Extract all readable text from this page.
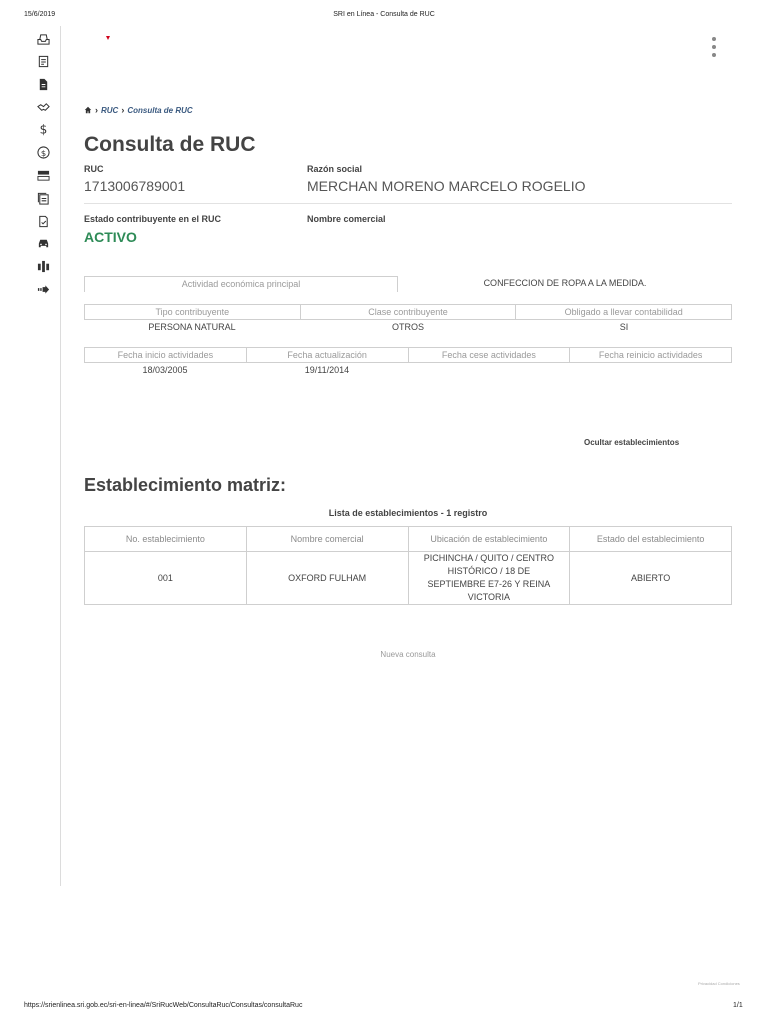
15/6/2019	SRI en Línea - Consulta de RUC
$
$
› RUC › Consulta de RUC
Consulta de RUC
RUC
1713006789001
Razón social
MERCHAN MORENO MARCELO ROGELIO
Estado contribuyente en el RUC
ACTIVO
Nombre comercial
Actividad económica principal	CONFECCION DE ROPA A LA MEDIDA.
Tipo contribuyente	Clase contribuyente	Obligado a llevar contabilidad
PERSONA NATURAL	OTROS	SI
Fecha inicio actividades	Fecha actualización	Fecha cese actividades	Fecha reinicio actividades
18/03/2005	19/11/2014
Ocultar establecimientos
Establecimiento matriz:
Lista de establecimientos - 1 registro
No. establecimiento	Nombre comercial	Ubicación de establecimiento	Estado del establecimiento
001	OXFORD FULHAM	PICHINCHA / QUITO / CENTRO HISTÓRICO / 18 DE SEPTIEMBRE E7-26 Y REINA VICTORIA	ABIERTO
Nueva consulta
Privacidad Condiciones
https://srienlinea.sri.gob.ec/sri-en-linea/#/SriRucWeb/ConsultaRuc/Consultas/consultaRuc	1/1
